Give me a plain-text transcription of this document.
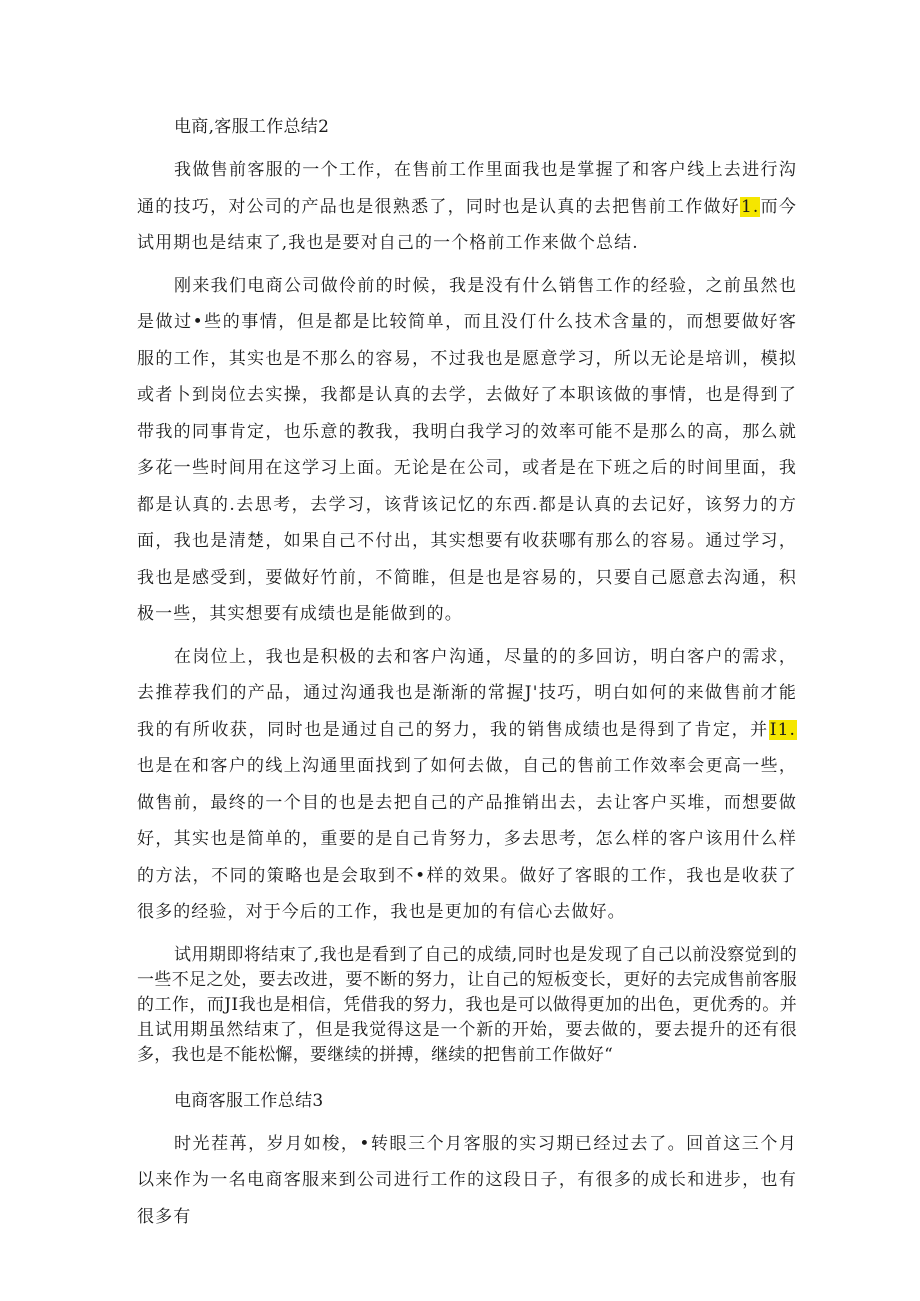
电商,客服工作总结2

我做售前客服的一个工作，在售前工作里面我也是掌握了和客户线上去进行沟通的技巧，对公司的产品也是很熟悉了，同时也是认真的去把售前工作做好1.而今试用期也是结束了,我也是要对自己的一个格前工作来做个总结.

刚来我们电商公司做伶前的时候，我是没有什么销售工作的经验，之前虽然也是做过•些的事情，但是都是比较简单，而且没仃什么技术含量的，而想要做好客服的工作，其实也是不那么的容易，不过我也是愿意学习，所以无论是培训，模拟或者卜到岗位去实操，我都是认真的去学，去做好了本职该做的事情，也是得到了带我的同事肯定，也乐意的教我，我明白我学习的效率可能不是那么的高，那么就多花一些时间用在这学习上面。无论是在公司，或者是在下班之后的时间里面，我都是认真的.去思考，去学习，该背该记忆的东西.都是认真的去记好，该努力的方面，我也是清楚，如果自己不付出，其实想要有收获哪有那么的容易。通过学习，我也是感受到，要做好竹前，不简睢，但是也是容易的，只要自己愿意去沟通，积极一些，其实想要有成绩也是能做到的。

在岗位上，我也是积极的去和客户沟通，尽量的的多回访，明白客户的需求，去推荐我们的产品，通过沟通我也是渐渐的常握J'技巧，明白如何的来做售前才能我的有所收获，同时也是通过自己的努力，我的销售成绩也是得到了肯定，并I1.也是在和客户的线上沟通里面找到了如何去做，自己的售前工作效率会更高一些，做售前，最终的一个目的也是去把自己的产品推销出去，去让客户买堆，而想要做好，其实也是简单的，重要的是自己肯努力，多去思考，怎么样的客户该用什么样的方法，不同的策略也是会取到不•样的效果。做好了客眼的工作，我也是收获了很多的经验，对于今后的工作，我也是更加的有信心去做好。

试用期即将结束了,我也是看到了自己的成绩,同时也是发现了自己以前没察觉到的一些不足之处，要去改进，要不断的努力，让自己的短板变长，更好的去完成售前客服的工作，而JI我也是相信，凭借我的努力，我也是可以做得更加的出色，更优秀的。并且试用期虽然结束了，但是我觉得这是一个新的开始，要去做的，要去提升的还有很多，我也是不能松懈，要继续的拼搏，继续的把售前工作做好“

电商客服工作总结3

时光茬苒，岁月如梭，•转眼三个月客服的实习期已经过去了。回首这三个月以来作为一名电商客服来到公司进行工作的这段日子，有很多的成长和进步，也有很多有
